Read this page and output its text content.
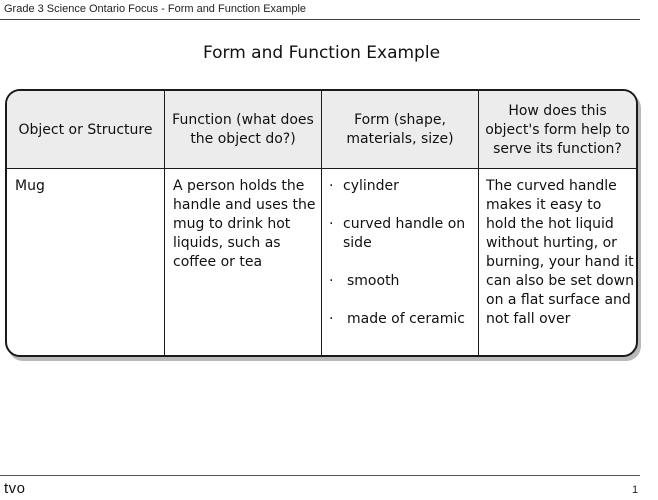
Grade 3 Science Ontario Focus - Form and Function Example
Form and Function Example
Object or Structure
Function (what does the object do?)
Form (shape, materials, size)
How does this object's form help to serve its function?
Mug	A person holds the handle and uses the mug to drink hot liquids, such as coffee or tea
· cylinder
· curved handle on side
· smooth
· made of ceramic
The curved handle makes it easy to hold the hot liquid without hurting, or burning, your hand it can also be set down on a flat surface and not fall over
tvo	1
